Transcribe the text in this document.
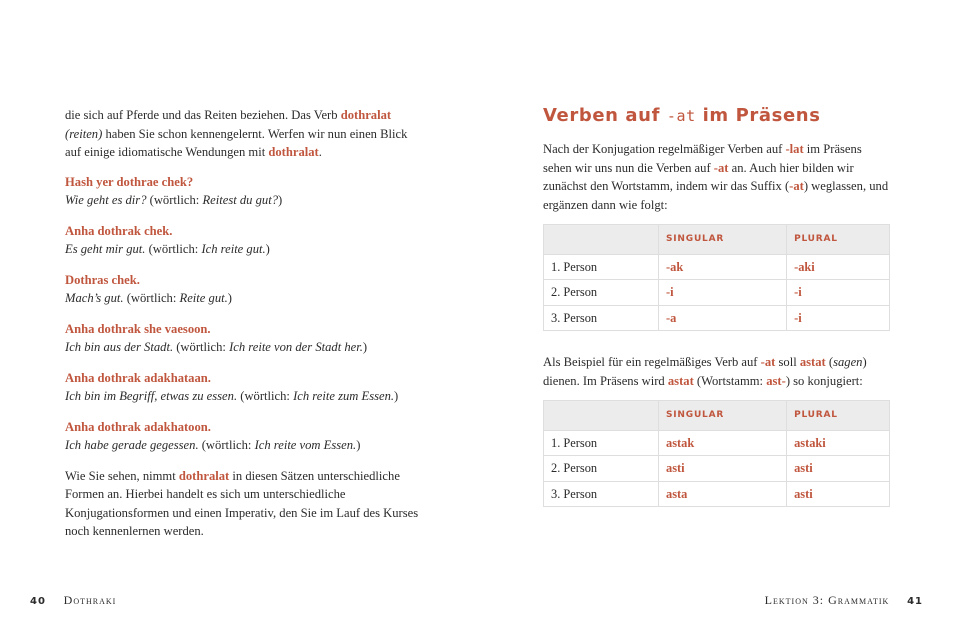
die sich auf Pferde und das Reiten beziehen. Das Verb dothralat
(reiten) haben Sie schon kennengelernt. Werfen wir nun einen Blick auf einige idiomatische Wendungen mit dothralat.

Hash yer dothrae chek?
Wie geht es dir? (wörtlich: Reitest du gut?)
Anha dothrak chek.
Es geht mir gut. (wörtlich: Ich reite gut.)
Dothras chek.
Mach’s gut. (wörtlich: Reite gut.)
Anha dothrak she vaesoon.
Ich bin aus der Stadt. (wörtlich: Ich reite von der Stadt her.)
Anha dothrak adakhataan.
Ich bin im Begriff, etwas zu essen. (wörtlich: Ich reite zum Essen.)
Anha dothrak adakhatoon.
Ich habe gerade gegessen. (wörtlich: Ich reite vom Essen.)

Wie Sie sehen, nimmt dothralat in diesen Sätzen unterschiedliche Formen an. Hierbei handelt es sich um unterschiedliche Konjugationsformen und einen Imperativ, den Sie im Lauf des Kurses noch kennenlernen werden.

Verben auf -at im Präsens

Nach der Konjugation regelmäßiger Verben auf -lat im Präsens sehen wir uns nun die Verben auf -at an. Auch hier bilden wir zunächst den Wortstamm, indem wir das Suffix (-at) weglassen, und ergänzen dann wie folgt:

	SINGULAR	PLURAL
1. Person	-ak	-aki
2. Person	-i	-i
3. Person	-a	-i

Als Beispiel für ein regelmäßiges Verb auf -at soll astat (sagen) dienen. Im Präsens wird astat (Wortstamm: ast-) so konjugiert:

	SINGULAR	PLURAL
1. Person	astak	astaki
2. Person	asti	asti
3. Person	asta	asti
40 Dothraki	Lektion 3: Grammatik 41
